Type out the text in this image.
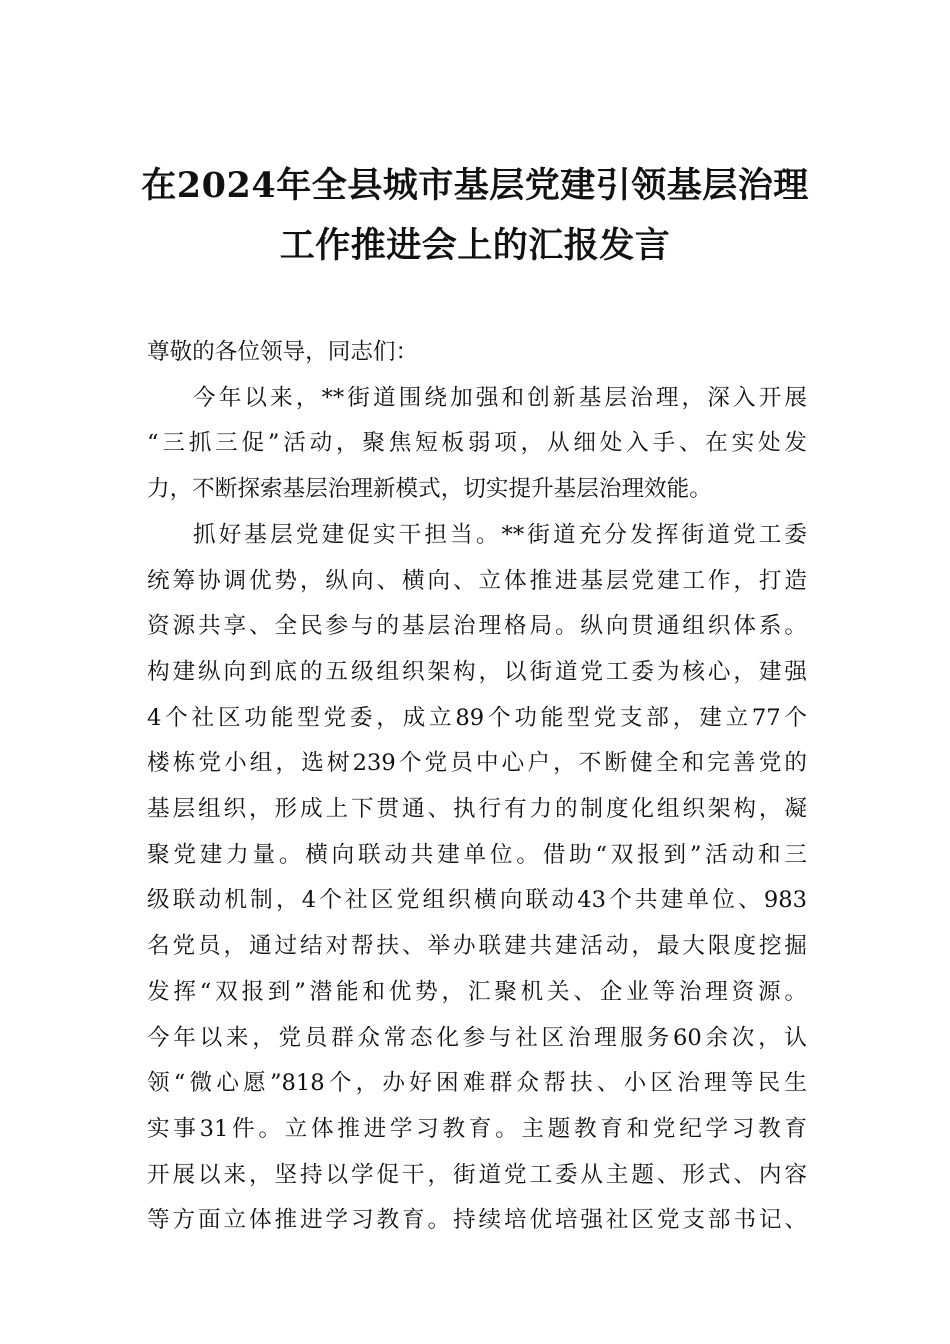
在2024年全县城市基层党建引领基层治理
工作推进会上的汇报发言
尊敬的各位领导，同志们：
今年以来，**街道围绕加强和创新基层治理，深入开展
“三抓三促”活动，聚焦短板弱项，从细处入手、在实处发
力，不断探索基层治理新模式，切实提升基层治理效能。
抓好基层党建促实干担当。**街道充分发挥街道党工委
统筹协调优势，纵向、横向、立体推进基层党建工作，打造
资源共享、全民参与的基层治理格局。纵向贯通组织体系。
构建纵向到底的五级组织架构，以街道党工委为核心，建强
4个社区功能型党委，成立89个功能型党支部，建立77个
楼栋党小组，选树239个党员中心户，不断健全和完善党的
基层组织，形成上下贯通、执行有力的制度化组织架构，凝
聚党建力量。横向联动共建单位。借助“双报到”活动和三
级联动机制，4个社区党组织横向联动43个共建单位、983
名党员，通过结对帮扶、举办联建共建活动，最大限度挖掘
发挥“双报到”潜能和优势，汇聚机关、企业等治理资源。
今年以来，党员群众常态化参与社区治理服务60余次，认
领“微心愿”818个，办好困难群众帮扶、小区治理等民生
实事31件。立体推进学习教育。主题教育和党纪学习教育
开展以来，坚持以学促干，街道党工委从主题、形式、内容
等方面立体推进学习教育。持续培优培强社区党支部书记、
